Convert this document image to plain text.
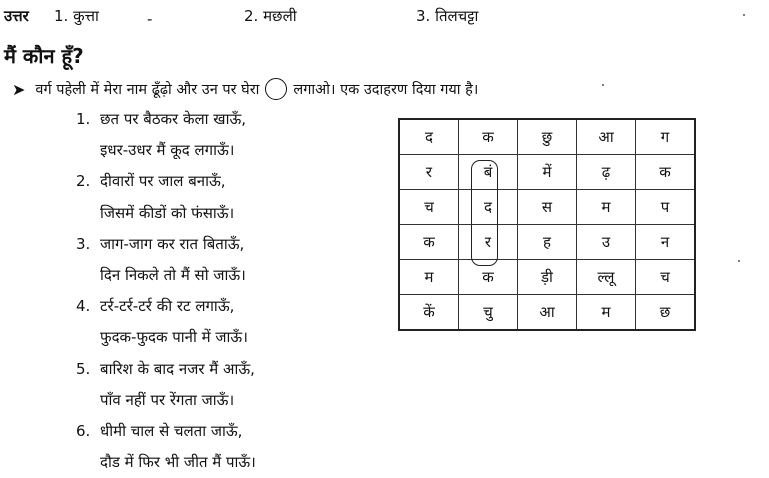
उत्तर 1. कुत्ता	-	2. मछली	3. तिलचट्टा
मैं कौन हूँ?
➤ वर्ग पहेली में मेरा नाम ढूँढ़ो और उन पर घेरा लगाओ। एक उदाहरण दिया गया है।
1. छत पर बैठकर केला खाऊँ,
इधर-उधर मैं कूद लगाऊँ।
2. दीवारों पर जाल बनाऊँ,
जिसमें कीडों को फंसाऊँ।
3. जाग-जाग कर रात बिताऊँ,
दिन निकले तो मैं सो जाऊँ।
4. टर्र-टर्र-टर्र की रट लगाऊँ,
फुदक-फुदक पानी में जाऊँ।
5. बारिश के बाद नजर मैं आऊँ,
पाँव नहीं पर रेंगता जाऊँ।
6. धीमी चाल से चलता जाऊँ,
दौड में फिर भी जीत मैं पाऊँ।
द	क	छु	आ	ग
र	बं	में	ढ़	क
च	द	स	म	प
क	र	ह	उ	न
म	क	ड़ी	ल्लू	च
कें	चु	आ	म	छ
